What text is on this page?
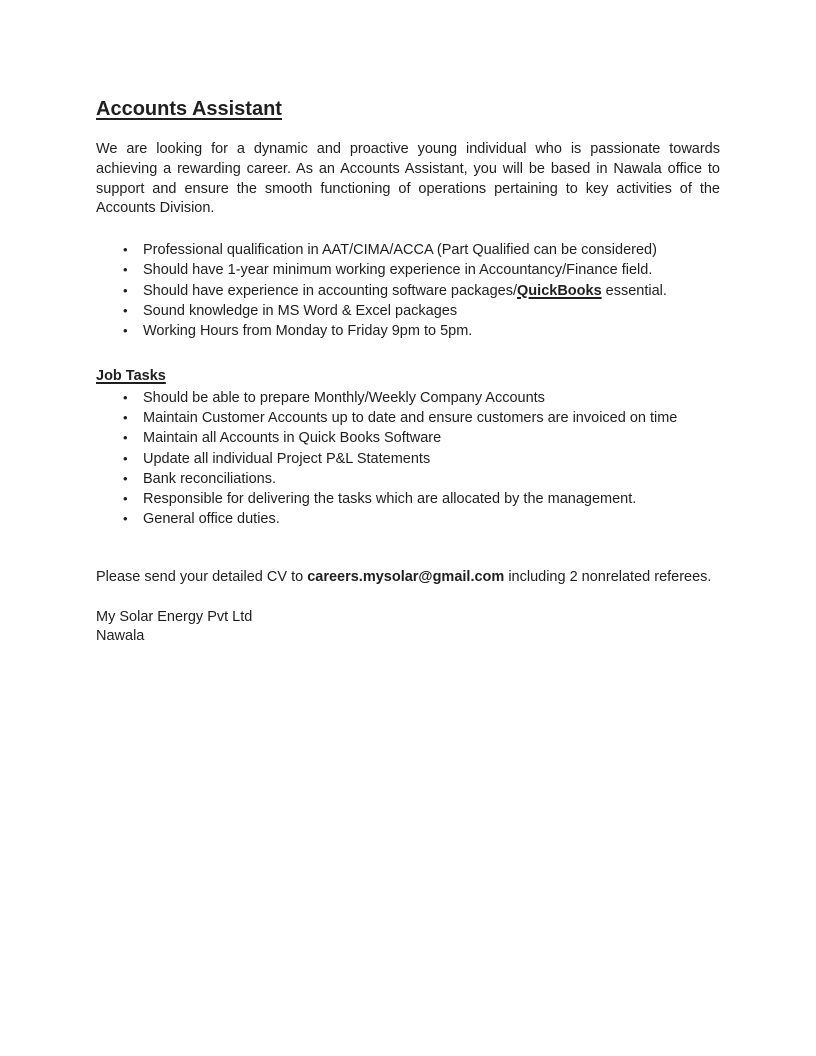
Accounts Assistant

We are looking for a dynamic and proactive young individual who is passionate towards achieving a rewarding career. As an Accounts Assistant, you will be based in Nawala office to support and ensure the smooth functioning of operations pertaining to key activities of the Accounts Division.

•	Professional qualification in AAT/CIMA/ACCA (Part Qualified can be considered)
•	Should have 1-year minimum working experience in Accountancy/Finance field.
•	Should have experience in accounting software packages/QuickBooks essential.
•	Sound knowledge in MS Word & Excel packages
•	Working Hours from Monday to Friday 9pm to 5pm.
Job Tasks
•	Should be able to prepare Monthly/Weekly Company Accounts
•	Maintain Customer Accounts up to date and ensure customers are invoiced on time
•	Maintain all Accounts in Quick Books Software
•	Update all individual Project P&L Statements
•	Bank reconciliations.
•	Responsible for delivering the tasks which are allocated by the management.
•	General office duties.

Please send your detailed CV to careers.mysolar@gmail.com including 2 nonrelated referees.

My Solar Energy Pvt Ltd
Nawala
